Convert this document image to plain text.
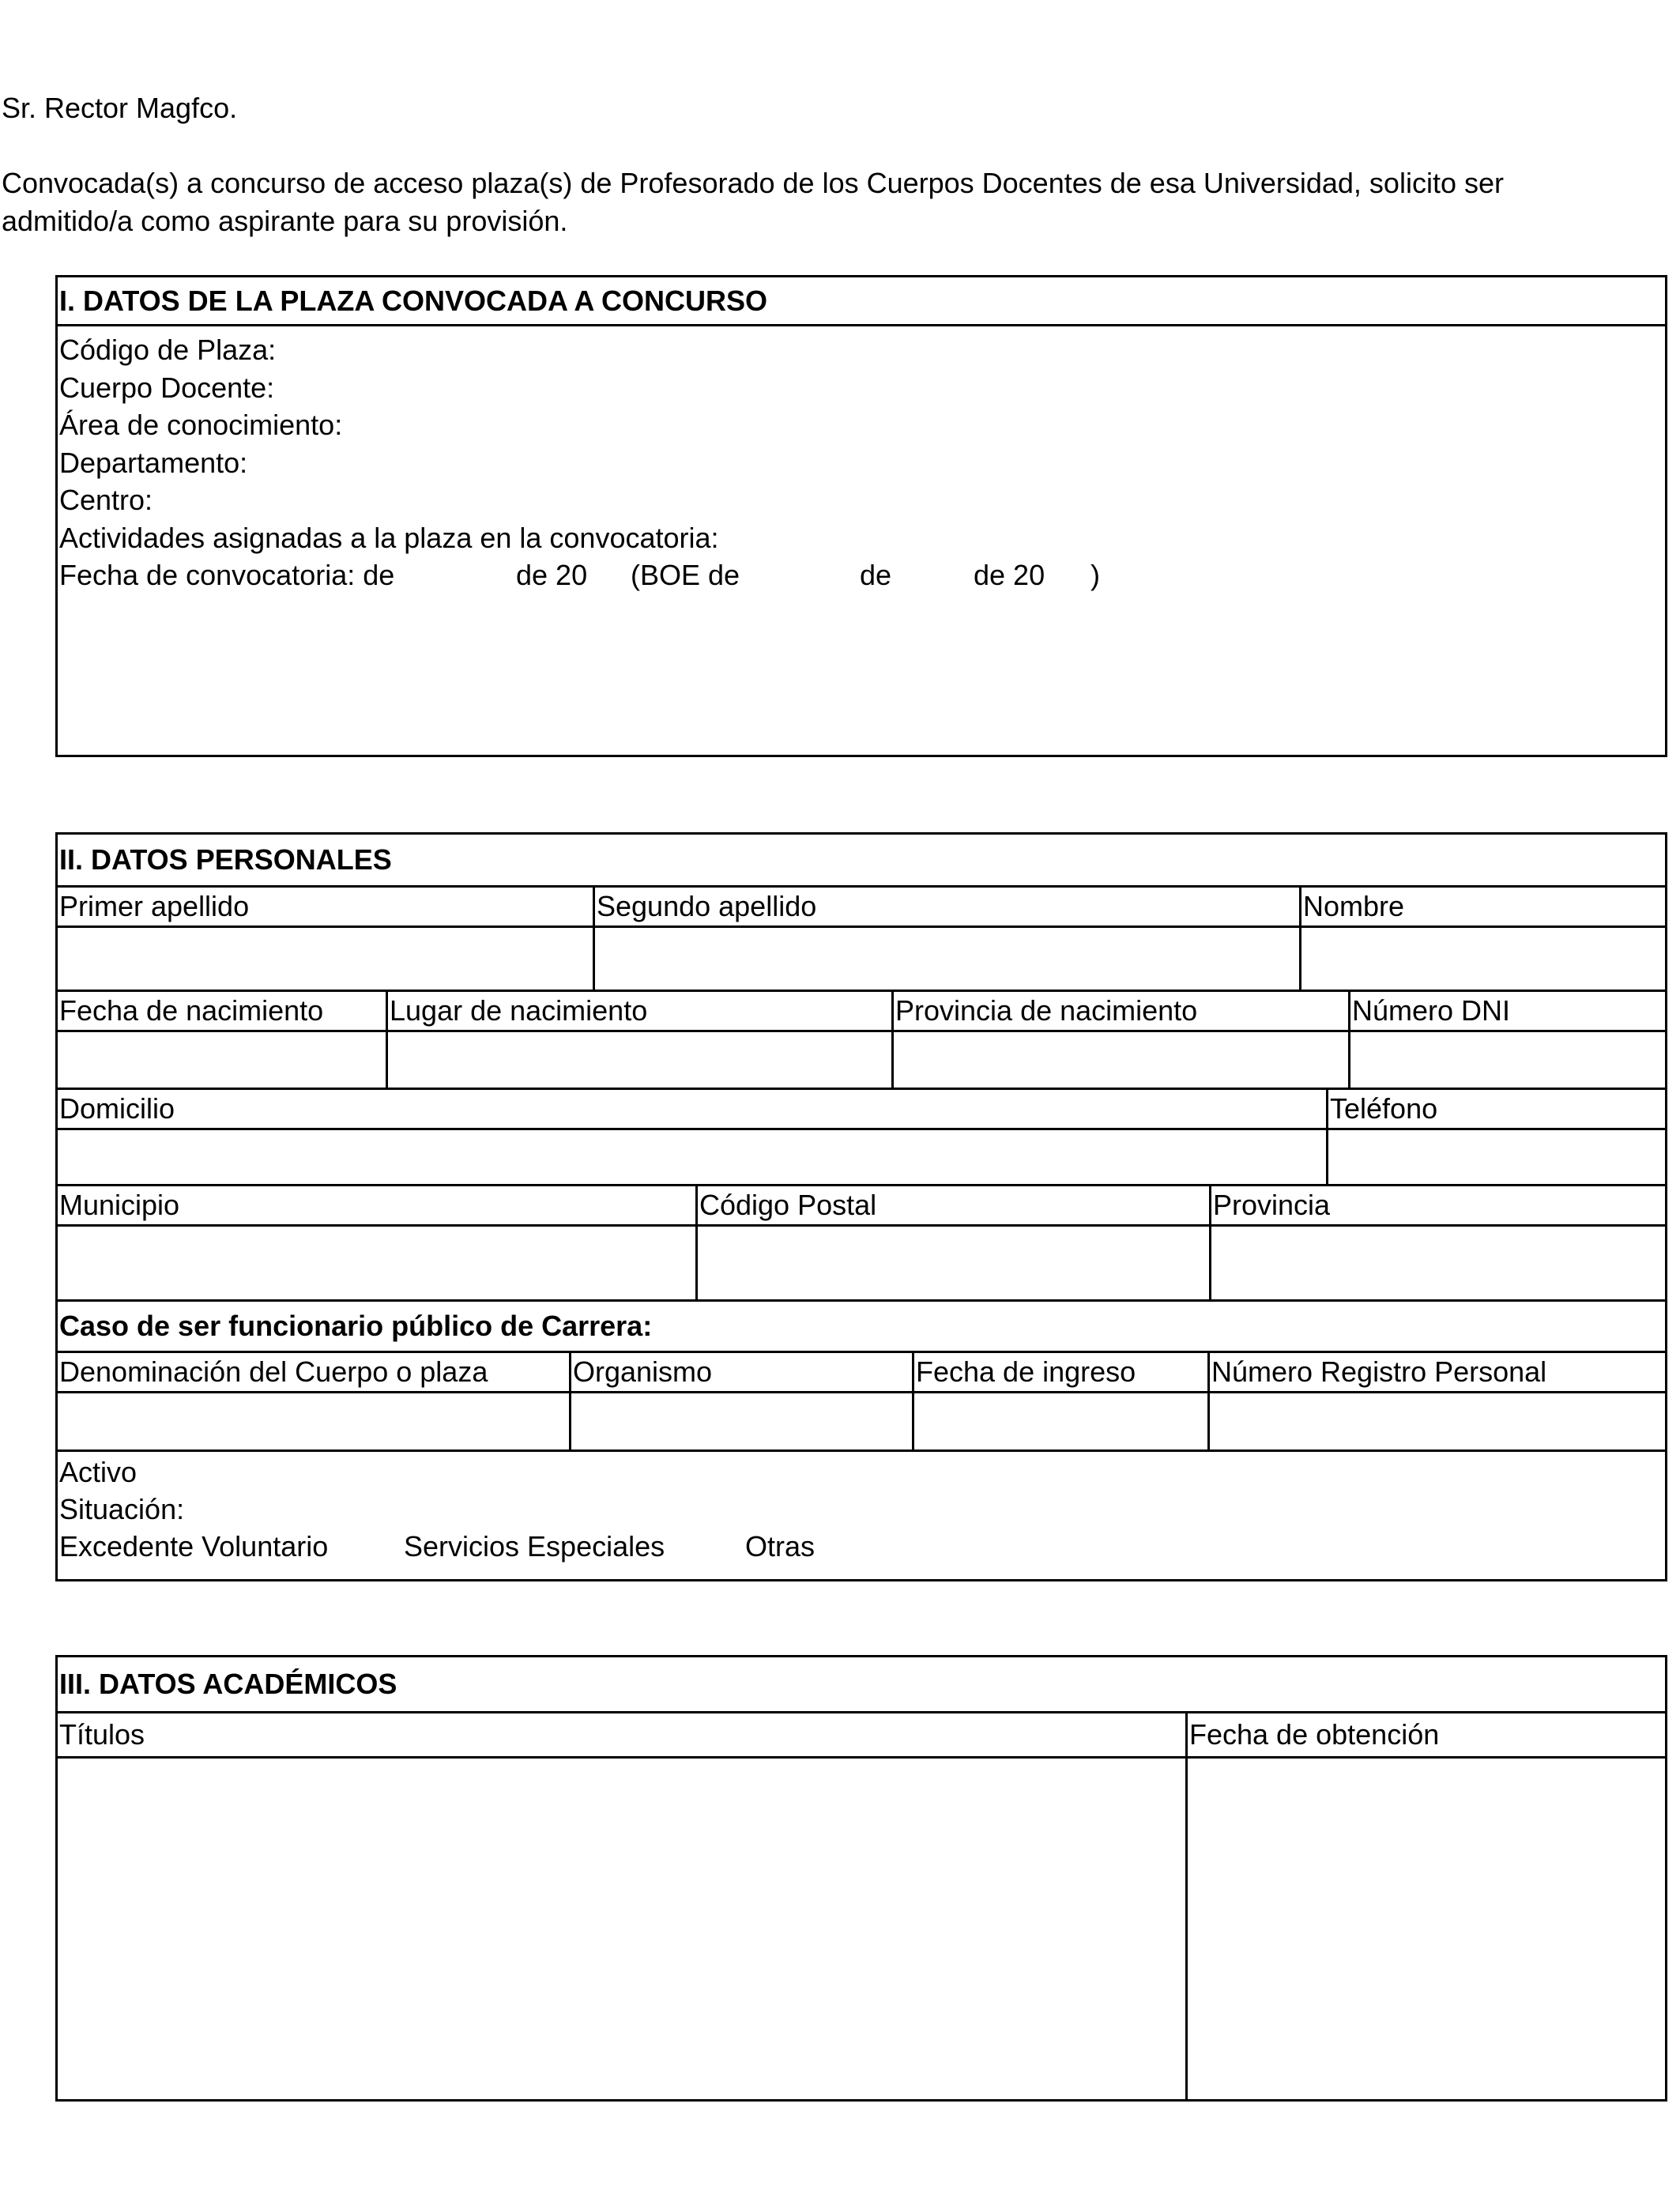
Sr. Rector Magfco.
Convocada(s) a concurso de acceso plaza(s) de Profesorado de los Cuerpos Docentes de esa Universidad, solicito ser
admitido/a como aspirante para su provisión.
I. DATOS DE LA PLAZA CONVOCADA A CONCURSO
Código de Plaza:
Cuerpo Docente:
Área de conocimiento:
Departamento:
Centro:
Actividades asignadas a la plaza en la convocatoria:
Fecha de convocatoria: de	de 20 (BOE de	de	de 20 )
II. DATOS PERSONALES
Primer apellido	Segundo apellido	Nombre
Fecha de nacimiento	Lugar de nacimiento	Provincia de nacimiento	Número DNI
Domicilio	Teléfono
Municipio	Código Postal	Provincia
Caso de ser funcionario público de Carrera:
Denominación del Cuerpo o plaza	Organismo	Fecha de ingreso	Número Registro Personal
Activo
Situación:
Excedente Voluntario	Servicios Especiales	Otras
III. DATOS ACADÉMICOS
Títulos	Fecha de obtención
